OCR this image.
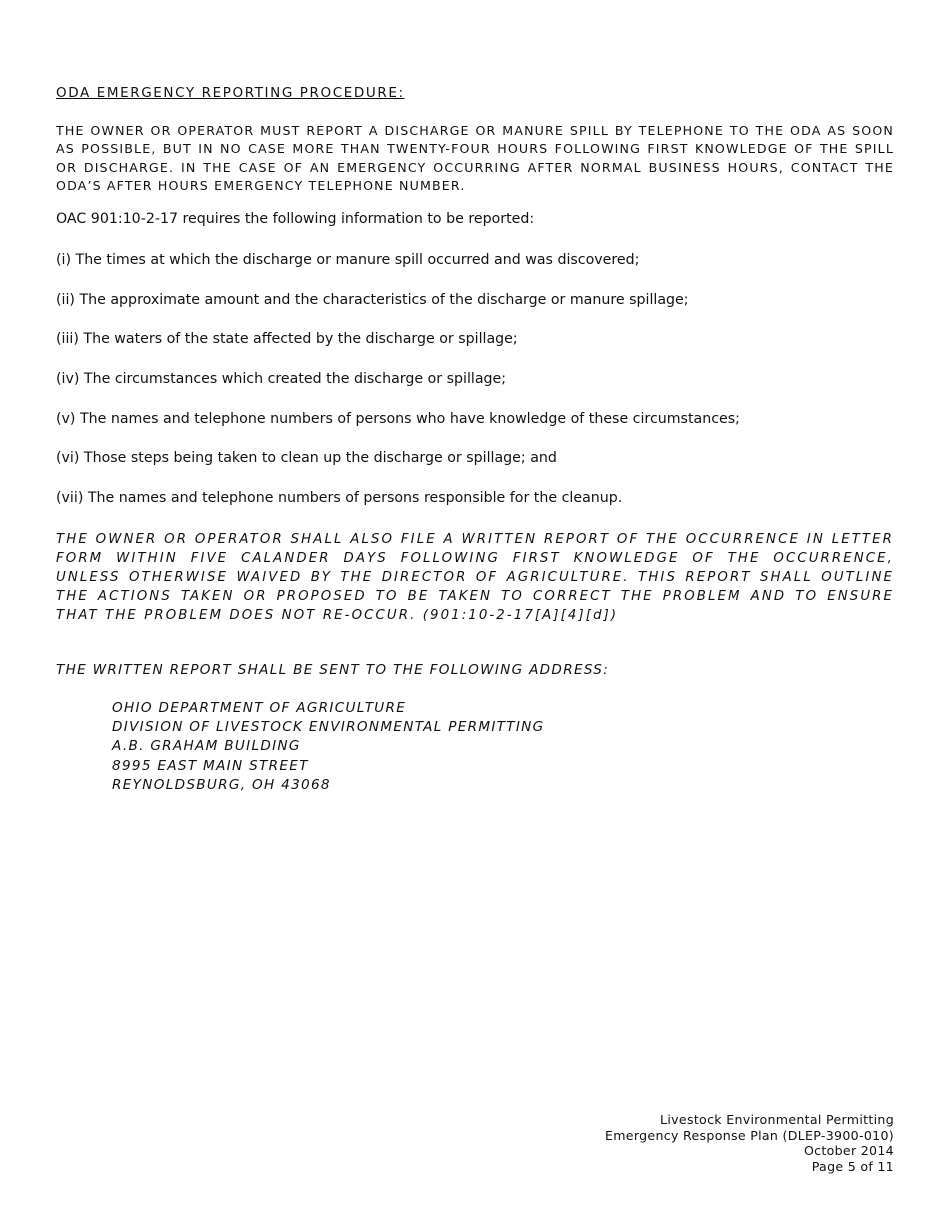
ODA EMERGENCY REPORTING PROCEDURE:
THE OWNER OR OPERATOR MUST REPORT A DISCHARGE OR MANURE SPILL BY TELEPHONE TO THE ODA AS SOON AS POSSIBLE, BUT IN NO CASE MORE THAN TWENTY-FOUR HOURS FOLLOWING FIRST KNOWLEDGE OF THE SPILL OR DISCHARGE. IN THE CASE OF AN EMERGENCY OCCURRING AFTER NORMAL BUSINESS HOURS, CONTACT THE ODA’S AFTER HOURS EMERGENCY TELEPHONE NUMBER.
OAC 901:10-2-17 requires the following information to be reported:
(i) The times at which the discharge or manure spill occurred and was discovered;
(ii) The approximate amount and the characteristics of the discharge or manure spillage;
(iii) The waters of the state affected by the discharge or spillage;
(iv) The circumstances which created the discharge or spillage;
(v) The names and telephone numbers of persons who have knowledge of these circumstances;
(vi) Those steps being taken to clean up the discharge or spillage; and
(vii) The names and telephone numbers of persons responsible for the cleanup.
THE OWNER OR OPERATOR SHALL ALSO FILE A WRITTEN REPORT OF THE OCCURRENCE IN LETTER FORM WITHIN FIVE CALANDER DAYS FOLLOWING FIRST KNOWLEDGE OF THE OCCURRENCE, UNLESS OTHERWISE WAIVED BY THE DIRECTOR OF AGRICULTURE. THIS REPORT SHALL OUTLINE THE ACTIONS TAKEN OR PROPOSED TO BE TAKEN TO CORRECT THE PROBLEM AND TO ENSURE THAT THE PROBLEM DOES NOT RE-OCCUR. (901:10-2-17[A][4][d])
THE WRITTEN REPORT SHALL BE SENT TO THE FOLLOWING ADDRESS:
OHIO DEPARTMENT OF AGRICULTURE
DIVISION OF LIVESTOCK ENVIRONMENTAL PERMITTING
A.B. GRAHAM BUILDING
8995 EAST MAIN STREET
REYNOLDSBURG, OH 43068
Livestock Environmental Permitting
Emergency Response Plan (DLEP-3900-010)
October 2014
Page 5 of 11
